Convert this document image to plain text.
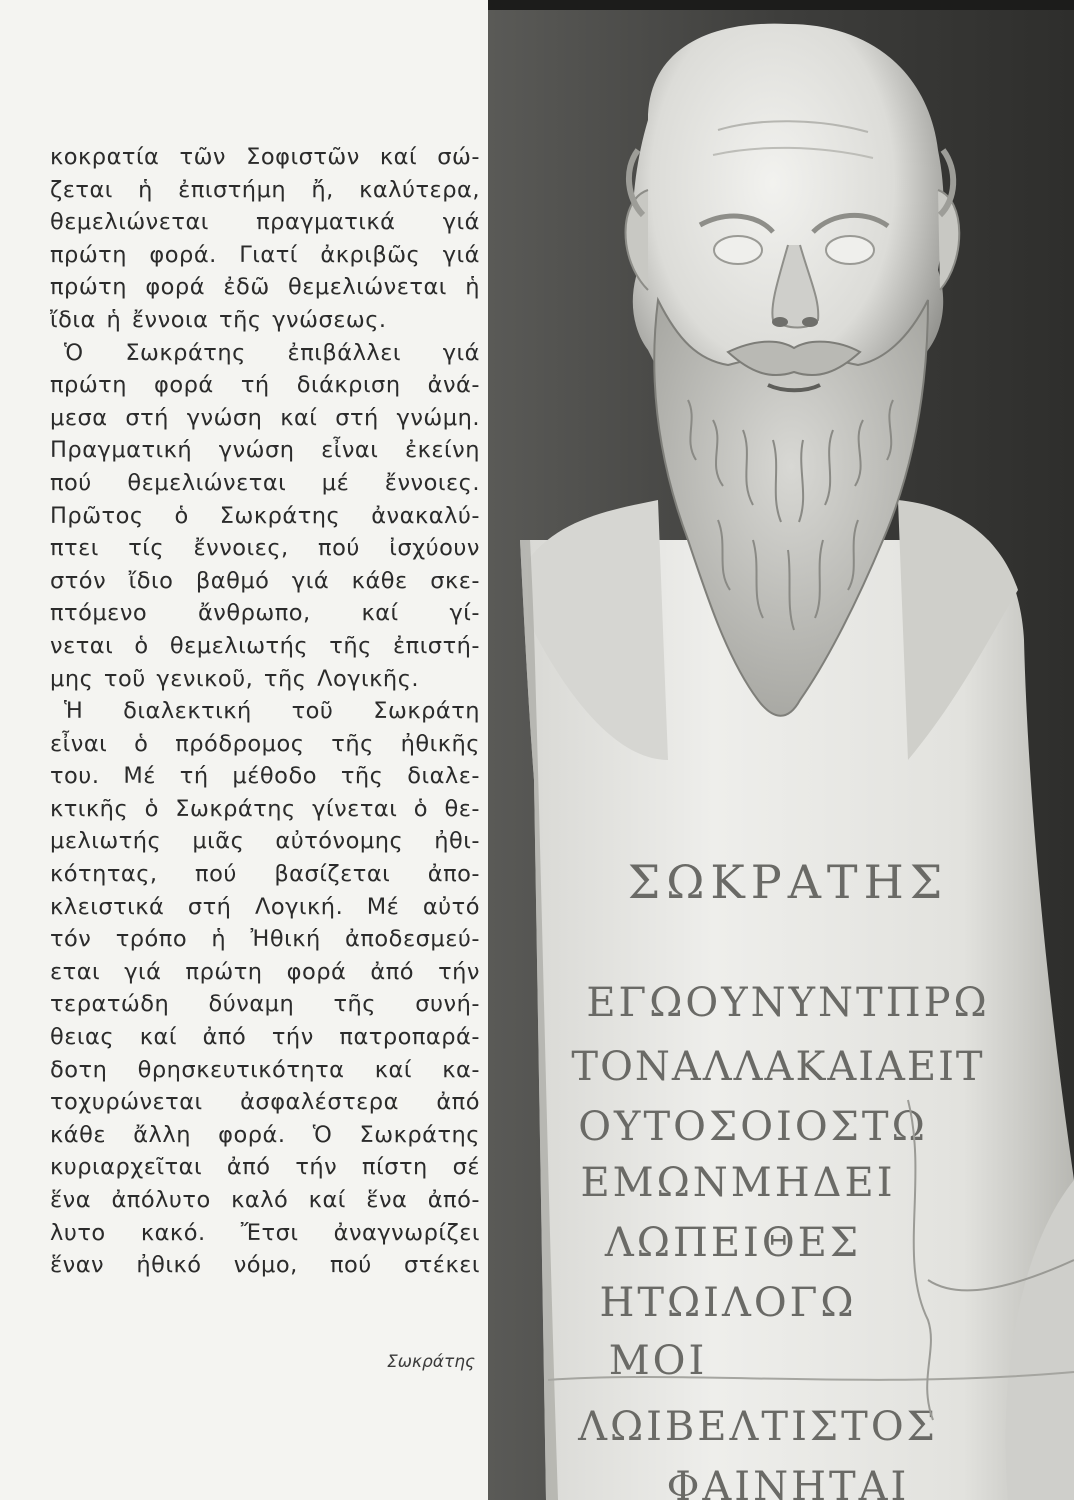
κοκρατία τῶν Σοφιστῶν καί σώ-
ζεται ἡ ἐπιστήμη ἤ, καλύτερα,
θεμελιώνεται πραγματικά γιά
πρώτη φορά. Γιατί ἀκριβῶς γιά
πρώτη φορά ἐδῶ θεμελιώνεται ἡ
ἴδια ἡ ἔννοια τῆς γνώσεως.
Ὁ Σωκράτης ἐπιβάλλει γιά
πρώτη φορά τή διάκριση ἀνά-
μεσα στή γνώση καί στή γνώμη.
Πραγματική γνώση εἶναι ἐκείνη
πού θεμελιώνεται μέ ἔννοιες.
Πρῶτος ὁ Σωκράτης ἀνακαλύ-
πτει τίς ἔννοιες, πού ἰσχύουν
στόν ἴδιο βαθμό γιά κάθε σκε-
πτόμενο ἄνθρωπο, καί γί-
νεται ὁ θεμελιωτής τῆς ἐπιστή-
μης τοῦ γενικοῦ, τῆς Λογικῆς.
Ἡ διαλεκτική τοῦ Σωκράτη
εἶναι ὁ πρόδρομος τῆς ἠθικῆς
του. Μέ τή μέθοδο τῆς διαλε-
κτικῆς ὁ Σωκράτης γίνεται ὁ θε-
μελιωτής μιᾶς αὐτόνομης ἠθι-
κότητας, πού βασίζεται ἀπο-
κλειστικά στή Λογική. Μέ αὐτό
τόν τρόπο ἡ Ἠθική ἀποδεσμεύ-
εται γιά πρώτη φορά ἀπό τήν
τερατώδη δύναμη τῆς συνή-
θειας καί ἀπό τήν πατροπαρά-
δοτη θρησκευτικότητα καί κα-
τοχυρώνεται ἀσφαλέστερα ἀπό
κάθε ἄλλη φορά. Ὁ Σωκράτης
κυριαρχεῖται ἀπό τήν πίστη σέ
ἕνα ἀπόλυτο καλό καί ἕνα ἀπό-
λυτο κακό. Ἔτσι ἀναγνωρίζει
ἕναν ἠθικό νόμο, πού στέκει
Σωκράτης
ΣΩΚΡΑΤΗΣ
ΕΓΩΟΥΝΥΝΤΠΡΩ
ΤΟΝΑΛΛΑΚΑΙΑΕΙΤ
ΟΥΤΟΣΟΙΟΣΤΩ
ΕΜΩΝΜΗΔΕΙ
ΛΩΠΕΙΘΕΣ
ΗΤΩΙΛΟΓΩ
ΜΟΙ
ΛΩΙΒΕΛΤΙΣΤΟΣ
ΦΑΙΝΗΤΑΙ
